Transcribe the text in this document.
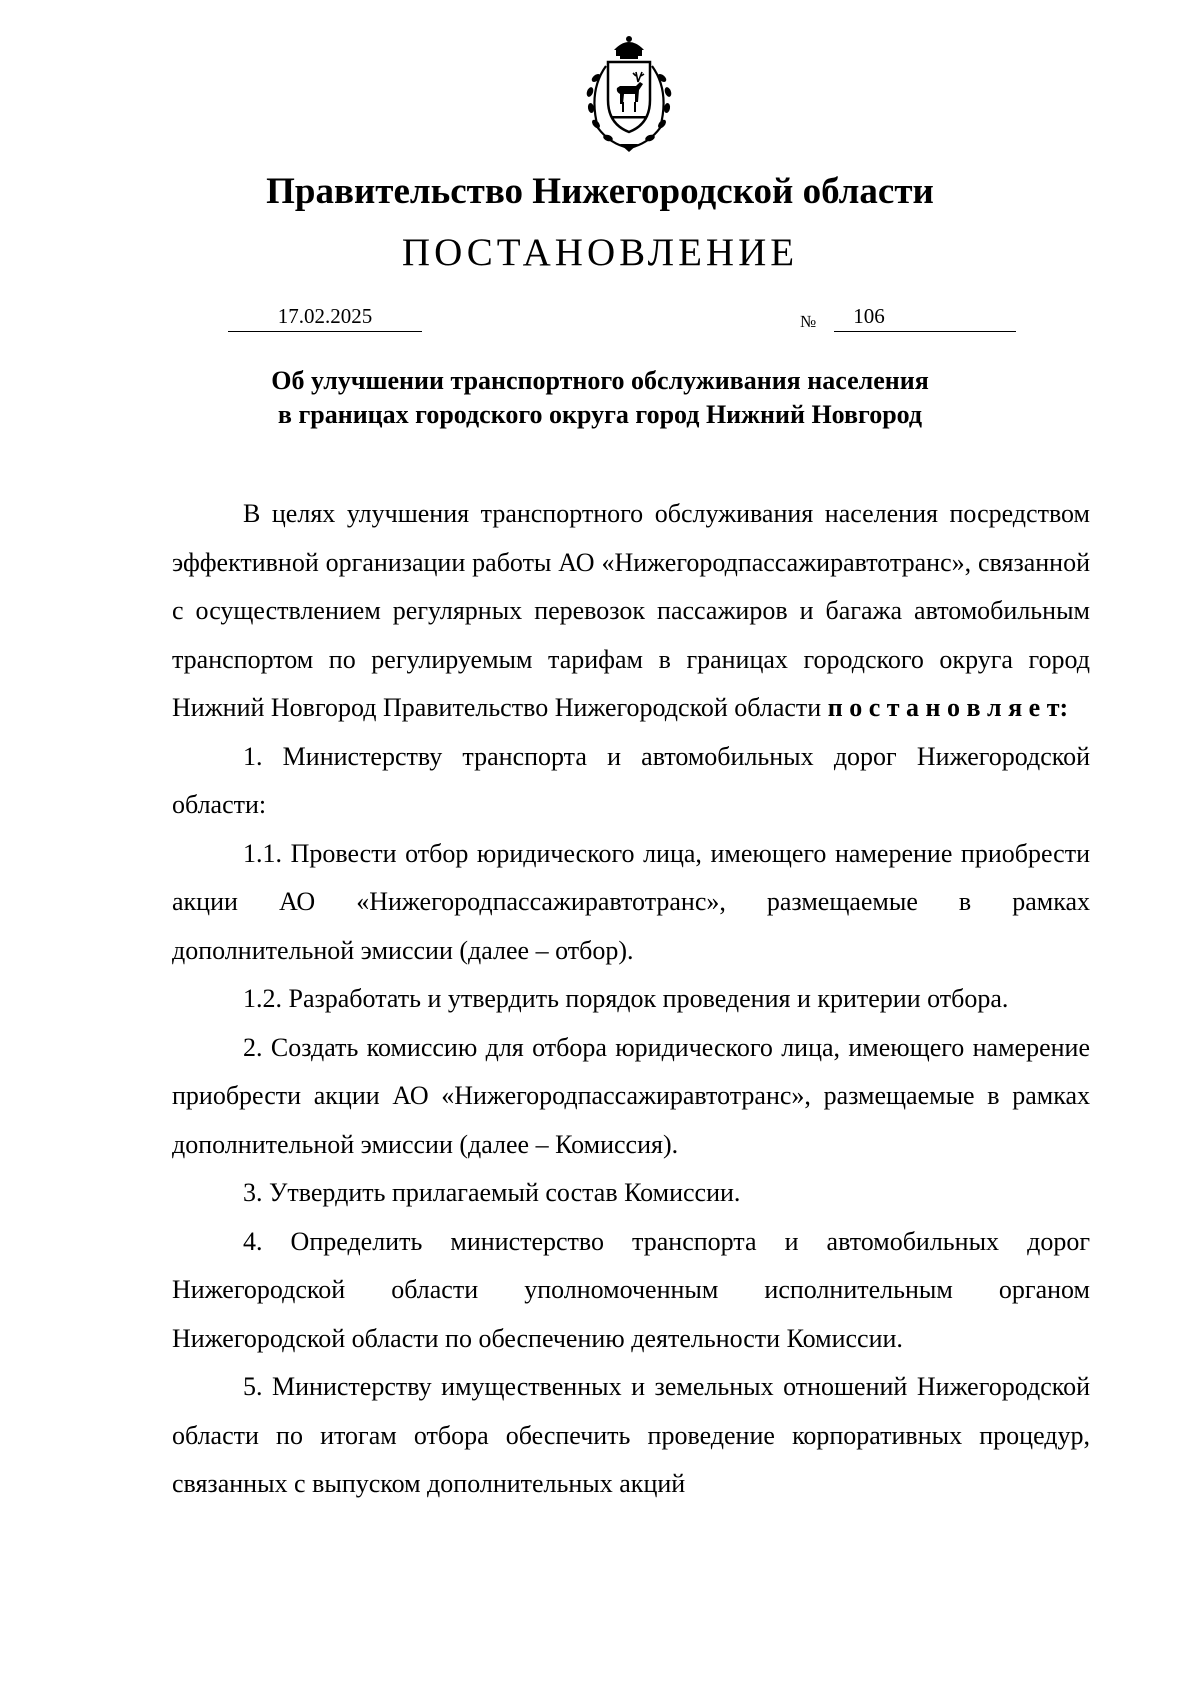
Правительство Нижегородской области
ПОСТАНОВЛЕНИЕ
17.02.2025	№	106
Об улучшении транспортного обслуживания населения
в границах городского округа город Нижний Новгород

В целях улучшения транспортного обслуживания населения посредством эффективной организации работы АО «Нижегородпассажиравтотранс», связанной с осуществлением регулярных перевозок пассажиров и багажа автомобильным транспортом по регулируемым тарифам в границах городского округа город Нижний Новгород Правительство Нижегородской области п о с т а н о в л я е т:

1. Министерству транспорта и автомобильных дорог Нижегородской области:

1.1. Провести отбор юридического лица, имеющего намерение приобрести акции АО «Нижегородпассажиравтотранс», размещаемые в рамках дополнительной эмиссии (далее – отбор).

1.2. Разработать и утвердить порядок проведения и критерии отбора.

2. Создать комиссию для отбора юридического лица, имеющего намерение приобрести акции АО «Нижегородпассажиравтотранс», размещаемые в рамках дополнительной эмиссии (далее – Комиссия).

3. Утвердить прилагаемый состав Комиссии.

4. Определить министерство транспорта и автомобильных дорог Нижегородской области уполномоченным исполнительным органом Нижегородской области по обеспечению деятельности Комиссии.

5. Министерству имущественных и земельных отношений Нижегородской области по итогам отбора обеспечить проведение корпоративных процедур, связанных с выпуском дополнительных акций
